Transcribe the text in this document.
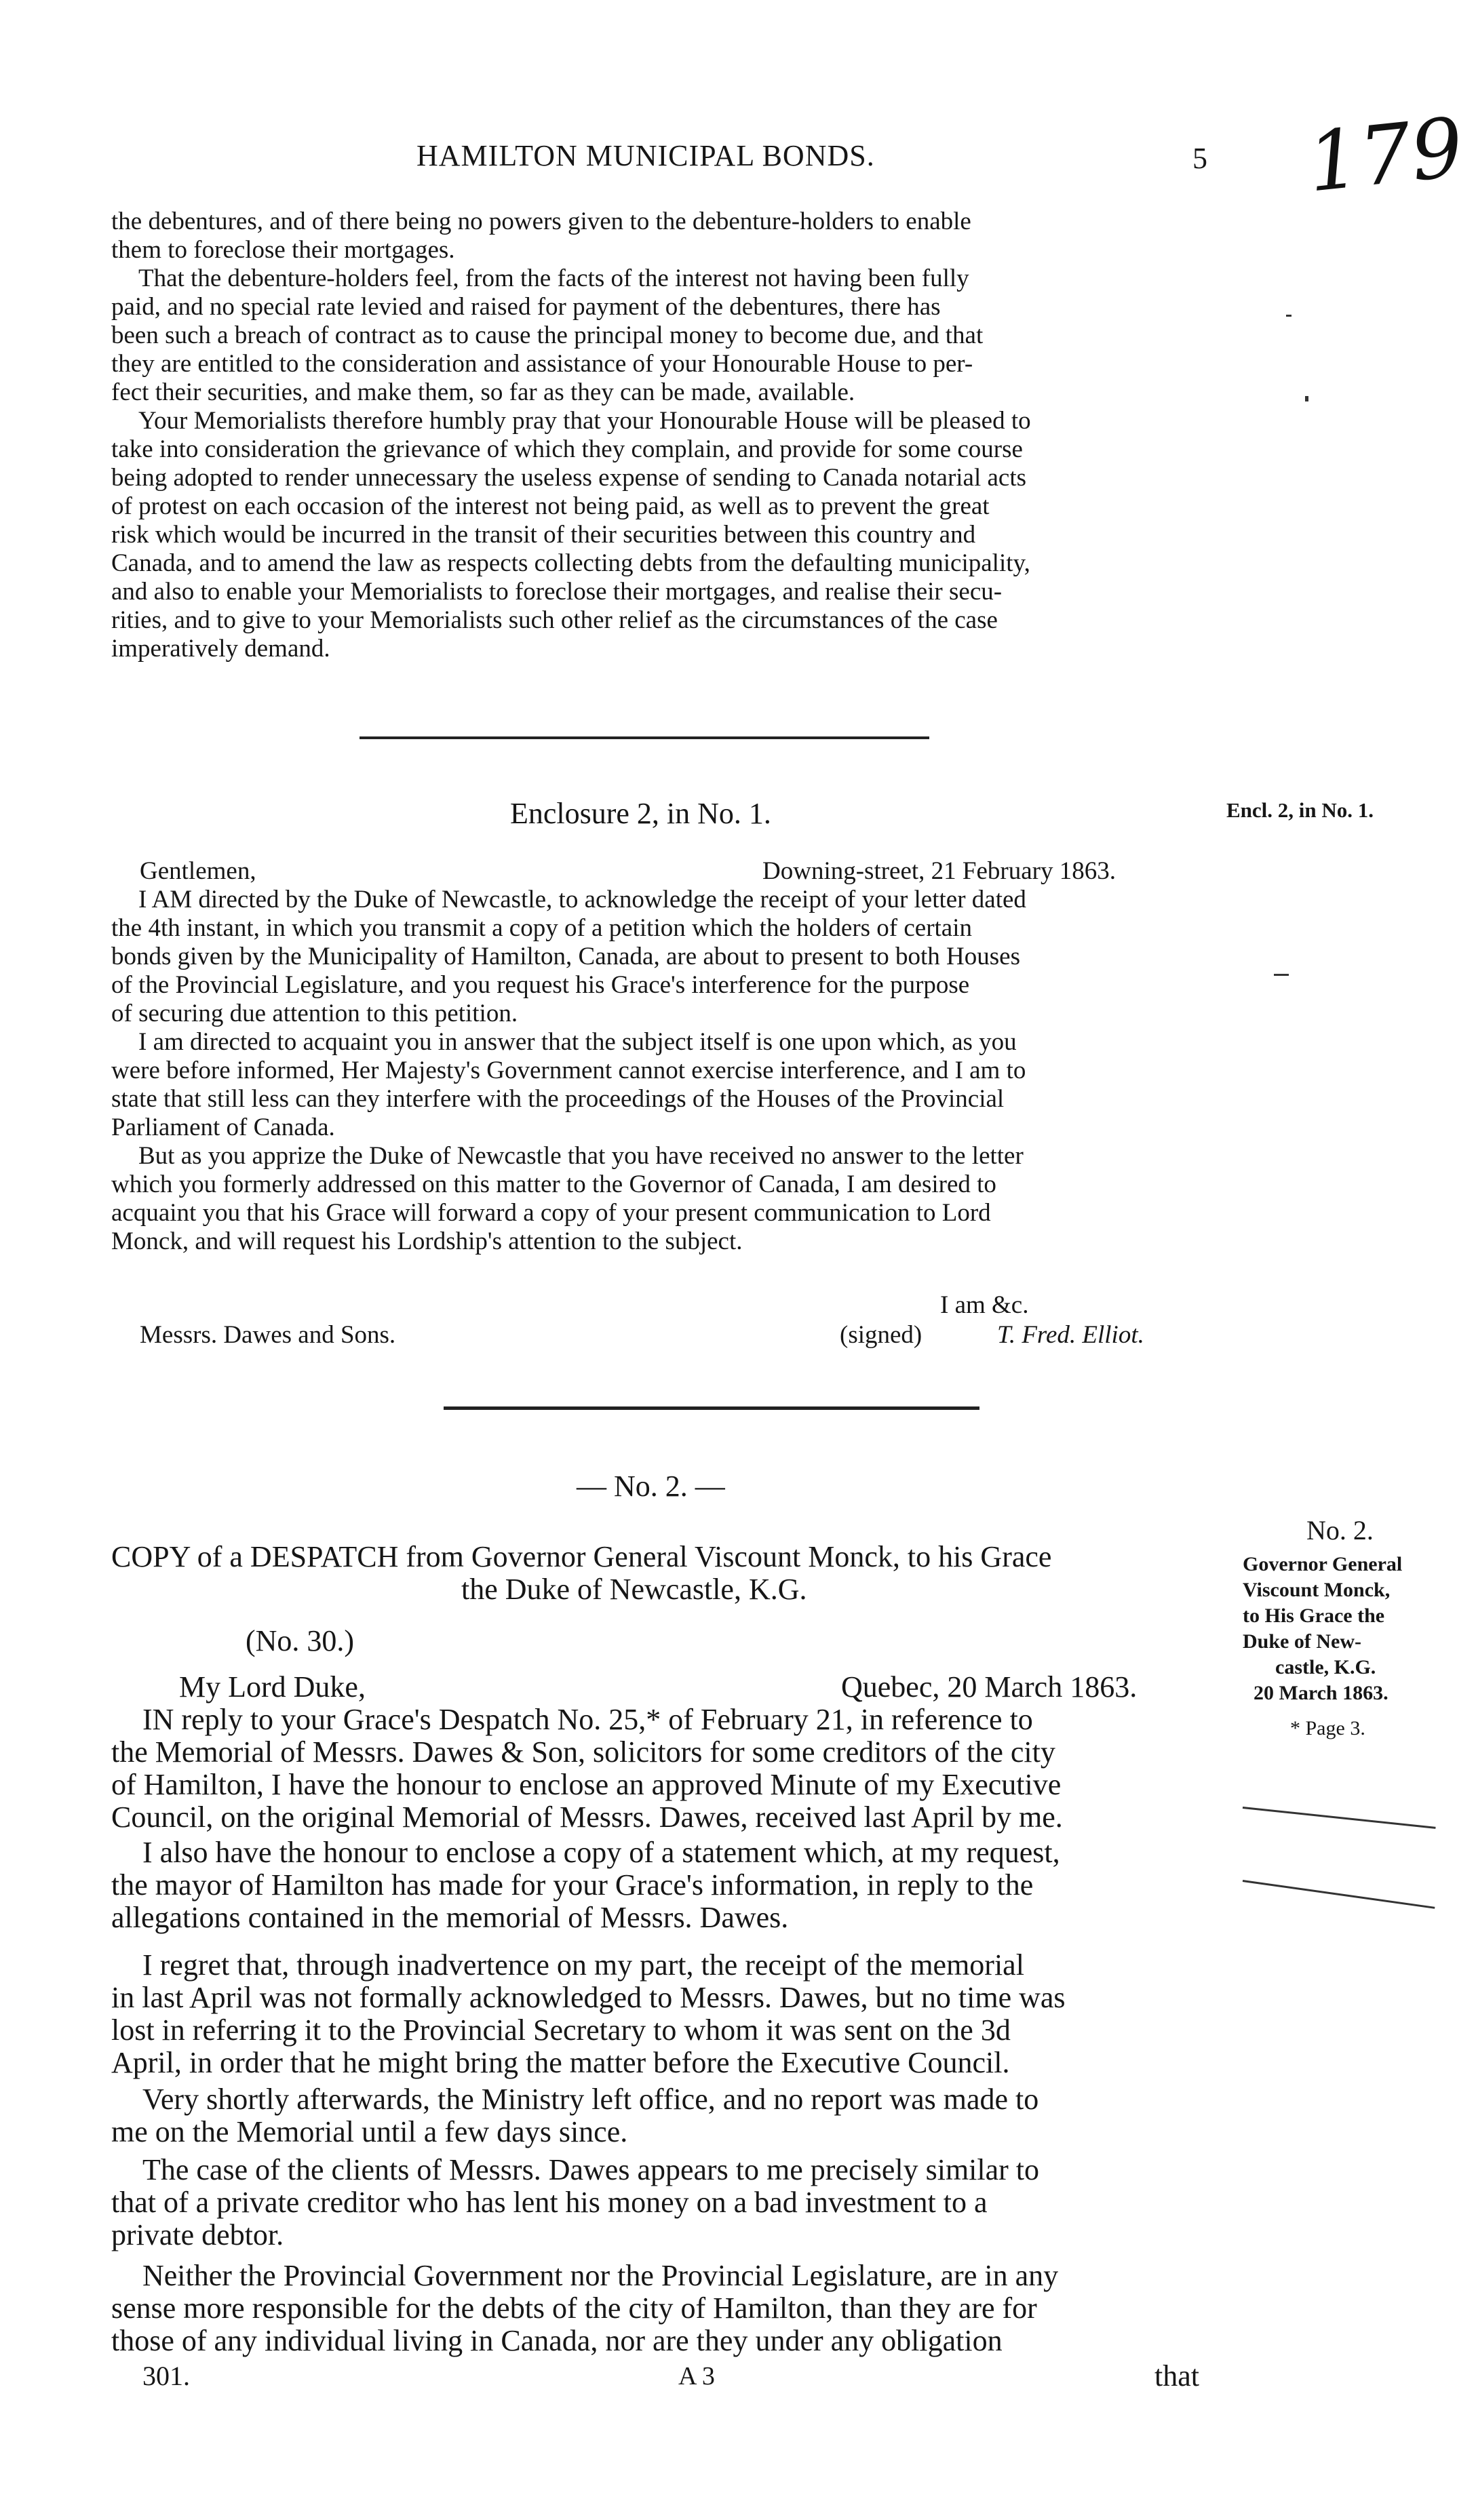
HAMILTON MUNICIPAL BONDS.	5 179
the debentures, and of there being no powers given to the debenture-holders to enable
them to foreclose their mortgages.
That the debenture-holders feel, from the facts of the interest not having been fully
paid, and no special rate levied and raised for payment of the debentures, there has
been such a breach of contract as to cause the principal money to become due, and that
they are entitled to the consideration and assistance of your Honourable House to per-
fect their securities, and make them, so far as they can be made, available.
Your Memorialists therefore humbly pray that your Honourable House will be pleased to
take into consideration the grievance of which they complain, and provide for some course
being adopted to render unnecessary the useless expense of sending to Canada notarial acts
of protest on each occasion of the interest not being paid, as well as to prevent the great
risk which would be incurred in the transit of their securities between this country and
Canada, and to amend the law as respects collecting debts from the defaulting municipality,
and also to enable your Memorialists to foreclose their mortgages, and realise their secu-
rities, and to give to your Memorialists such other relief as the circumstances of the case
imperatively demand.
Enclosure 2, in No. 1.	Encl. 2, in No. 1.
Gentlemen,	Downing-street, 21 February 1863.
I AM directed by the Duke of Newcastle, to acknowledge the receipt of your letter dated
the 4th instant, in which you transmit a copy of a petition which the holders of certain
bonds given by the Municipality of Hamilton, Canada, are about to present to both Houses
of the Provincial Legislature, and you request his Grace's interference for the purpose
of securing due attention to this petition.
I am directed to acquaint you in answer that the subject itself is one upon which, as you
were before informed, Her Majesty's Government cannot exercise interference, and I am to
state that still less can they interfere with the proceedings of the Houses of the Provincial
Parliament of Canada.
But as you apprize the Duke of Newcastle that you have received no answer to the letter
which you formerly addressed on this matter to the Governor of Canada, I am desired to
acquaint you that his Grace will forward a copy of your present communication to Lord
Monck, and will request his Lordship's attention to the subject.
I am &c.
(signed)	T. Fred. Elliot.
Messrs. Dawes and Sons.
— No. 2. —
COPY of a DESPATCH from Governor General Viscount Monck, to his Grace
the Duke of Newcastle, K.G.
(No. 30.)
My Lord Duke,	Quebec, 20 March 1863.
IN reply to your Grace's Despatch No. 25,* of February 21, in reference to
the Memorial of Messrs. Dawes & Son, solicitors for some creditors of the city
of Hamilton, I have the honour to enclose an approved Minute of my Executive
Council, on the original Memorial of Messrs. Dawes, received last April by me.
I also have the honour to enclose a copy of a statement which, at my request,
the mayor of Hamilton has made for your Grace's information, in reply to the
allegations contained in the memorial of Messrs. Dawes.
I regret that, through inadvertence on my part, the receipt of the memorial
in last April was not formally acknowledged to Messrs. Dawes, but no time was
lost in referring it to the Provincial Secretary to whom it was sent on the 3d
April, in order that he might bring the matter before the Executive Council.
Very shortly afterwards, the Ministry left office, and no report was made to
me on the Memorial until a few days since.
The case of the clients of Messrs. Dawes appears to me precisely similar to
that of a private creditor who has lent his money on a bad investment to a
private debtor.
Neither the Provincial Government nor the Provincial Legislature, are in any
sense more responsible for the debts of the city of Hamilton, than they are for
those of any individual living in Canada, nor are they under any obligation
No. 2.
Governor General
Viscount Monck,
to His Grace the
Duke of New-
castle, K.G.
20 March 1863.
* Page 3.
301.	A 3	that
